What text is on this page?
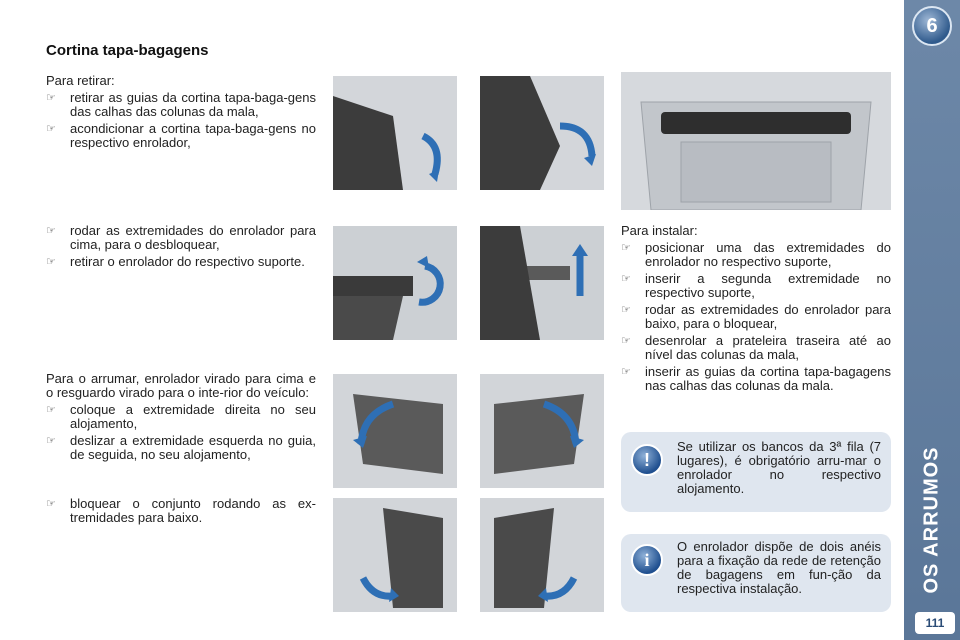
6
OS ARRUMOS
111
Cortina tapa-bagagens

Para retirar:

☞	retirar as guias da cortina tapa-baga-gens das calhas das colunas da mala,
☞	acondicionar a cortina tapa-baga-gens no respectivo enrolador,
☞	rodar as extremidades do enrolador para cima, para o desbloquear,
☞	retirar o enrolador do respectivo suporte.

Para o arrumar, enrolador virado para cima e o resguardo virado para o inte-rior do veículo:

☞	coloque a extremidade direita no seu alojamento,
☞	deslizar a extremidade esquerda no guia, de seguida, no seu alojamento,
☞	bloquear o conjunto rodando as ex-tremidades para baixo.

Para instalar:

☞	posicionar uma das extremidades do enrolador no respectivo suporte,
☞	inserir a segunda extremidade no respectivo suporte,
☞	rodar as extremidades do enrolador para baixo, para o bloquear,
☞	desenrolar a prateleira traseira até ao nível das colunas da mala,
☞	inserir as guias da cortina tapa-bagagens nas calhas das colunas da mala.
!
Se utilizar os bancos da 3ª fila (7 lugares), é obrigatório arru-mar o enrolador no respectivo alojamento.
i
O enrolador dispõe de dois anéis para a fixação da rede de retenção de bagagens em fun-ção da respectiva instalação.
